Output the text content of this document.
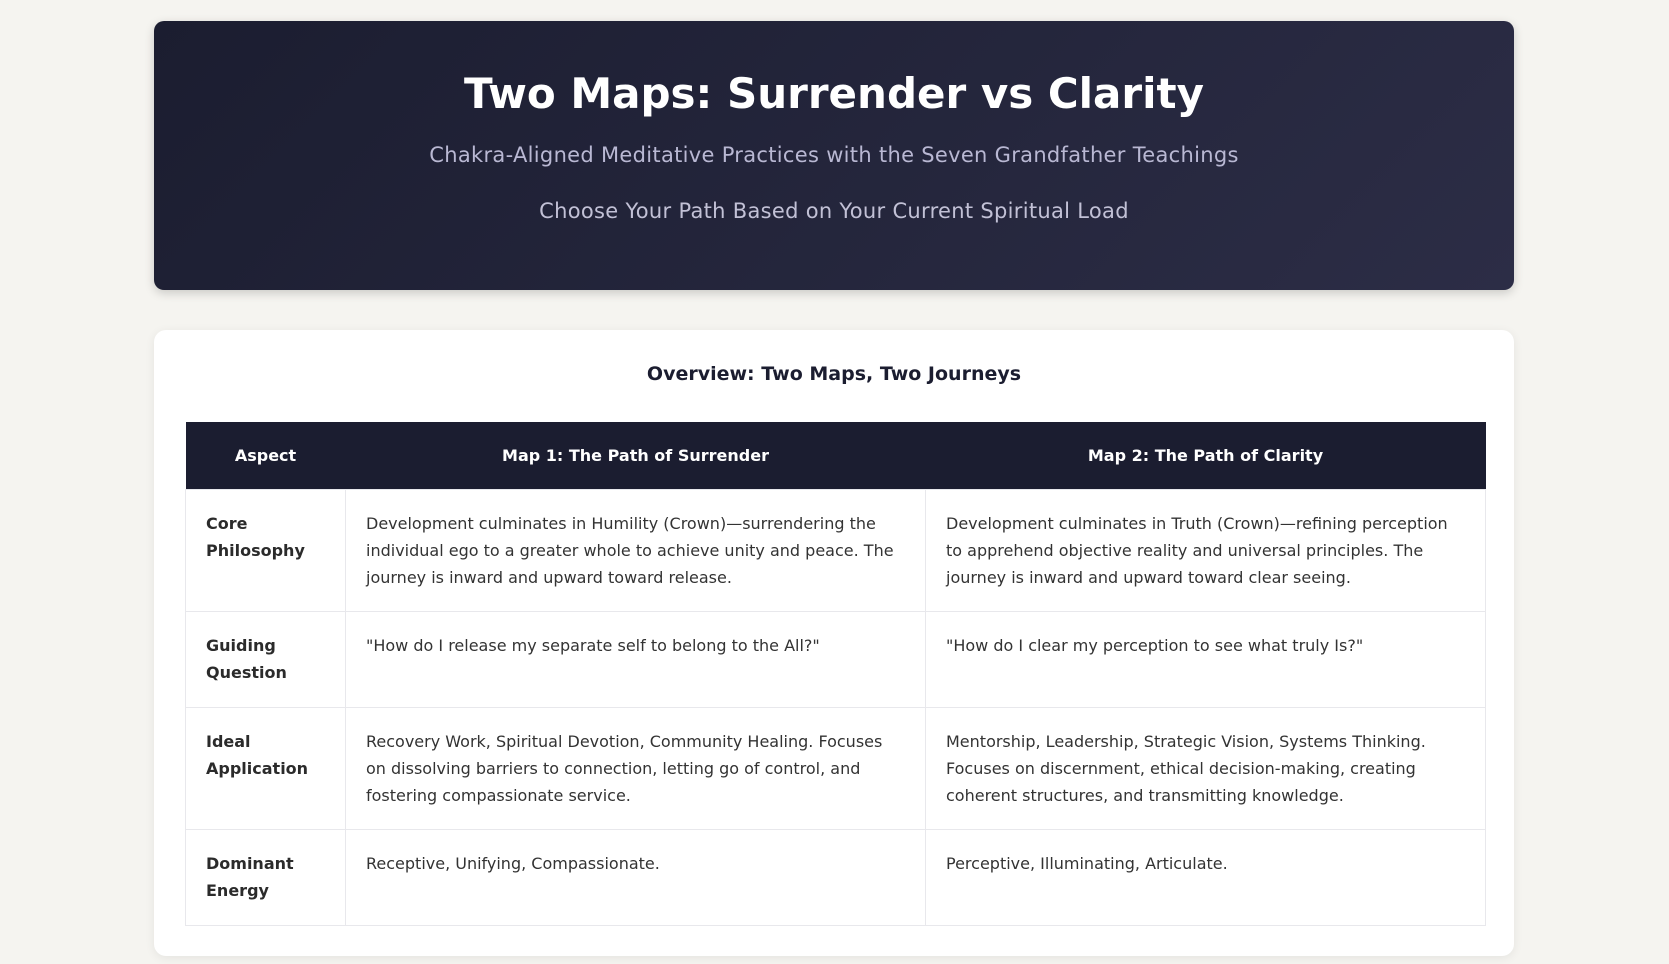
Two Maps: Surrender vs Clarity

Chakra-Aligned Meditative Practices with the Seven Grandfather Teachings

Choose Your Path Based on Your Current Spiritual Load

Overview: Two Maps, Two Journeys
Aspect	Map 1: The Path of Surrender	Map 2: The Path of Clarity
Core Philosophy	Development culminates in Humility (Crown)—surrendering the individual ego to a greater whole to achieve unity and peace. The journey is inward and upward toward release.	Development culminates in Truth (Crown)—refining perception to apprehend objective reality and universal principles. The journey is inward and upward toward clear seeing.
Guiding Question	"How do I release my separate self to belong to the All?"	"How do I clear my perception to see what truly Is?"
Ideal Application	Recovery Work, Spiritual Devotion, Community Healing. Focuses on dissolving barriers to connection, letting go of control, and fostering compassionate service.	Mentorship, Leadership, Strategic Vision, Systems Thinking. Focuses on discernment, ethical decision-making, creating coherent structures, and transmitting knowledge.
Dominant Energy	Receptive, Unifying, Compassionate.	Perceptive, Illuminating, Articulate.
